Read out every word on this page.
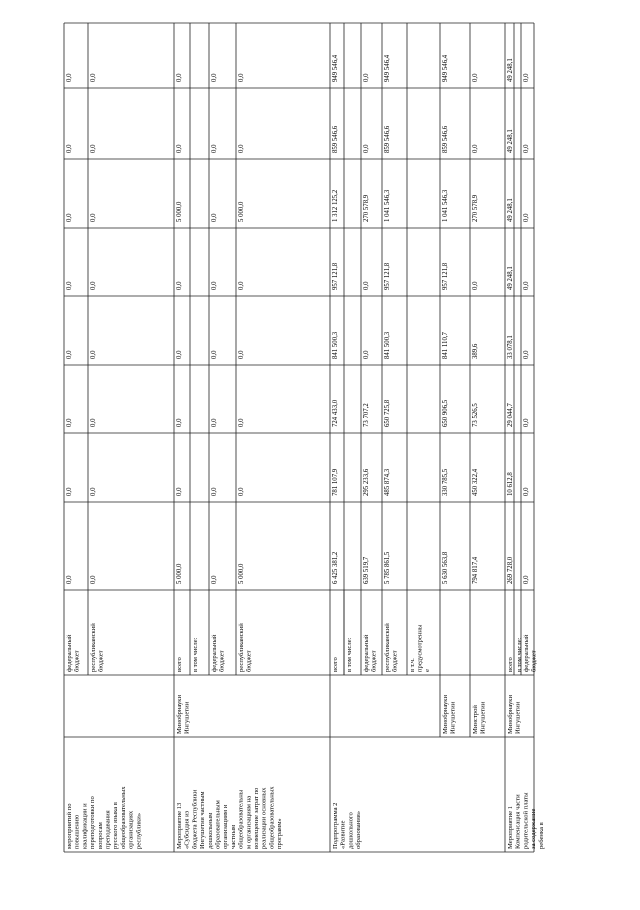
мероприятий по повышению квалификации и переподготовки по вопросам преподавания русского языка в общеобразовательных организациях республики»
федеральный бюджет
0,0
0,0
0,0
0,0
0,0
0,0
0,0
0,0
республиканский бюджет
0,0
0,0
0,0
0,0
0,0
0,0
0,0
0,0
Мероприятие 13 «Субсидия из бюджета Республики Ингушетия частным дошкольным образовательным организациям и частным общеобразовательны м организациям на возмещение затрат по реализации основных общеобразовательных программ»
Минобрнауки Ингушетии
всего
5 000,0
0,0
0,0
0,0
0,0
5 000,0
0,0
0,0
в том числе: федеральный бюджет
0,0
0,0
0,0
0,0
0,0
0,0
0,0
0,0
республиканский бюджет
5 000,0
0,0
0,0
0,0
0,0
5 000,0
0,0
0,0
Подпрограмма 2 «Развитие дошкольного образования»
всего
6 425 381,2
781 107,9
724 433,0
841 500,3
957 121,8
1 312 125,2
859 546,6
949 546,4
в том числе: федеральный бюджет
639 519,7
295 233,6
73 707,2
0,0
0,0
270 578,9
0,0
0,0
республиканский бюджет
5 785 861,5
485 874,3
650 725,8
841 500,3
957 121,8
1 041 546,3
859 546,6
949 546,4
в т.ч. предусмотренны е
Минобрнауки Ингушетии
5 630 563,8
330 785,5
650 906,5
841 110,7
957 121,8
1 041 546,3
859 546,6
949 546,4
Минстрой Ингушетии
794 817,4
450 322,4
73 526,5
389,6
0,0
270 578,9
0,0
0,0
Мероприятие 1 Компенсация части родительской платы за содержание ребенка в
Минобрнауки Ингушетии
всего
269 728,0
10 612,8
29 044,7
33 078,1
49 248,1
49 248,1
49 248,1
49 248,1
в том числе: федеральный бюджет
0,0
0,0
0,0
0,0
0,0
0,0
0,0
0,0
